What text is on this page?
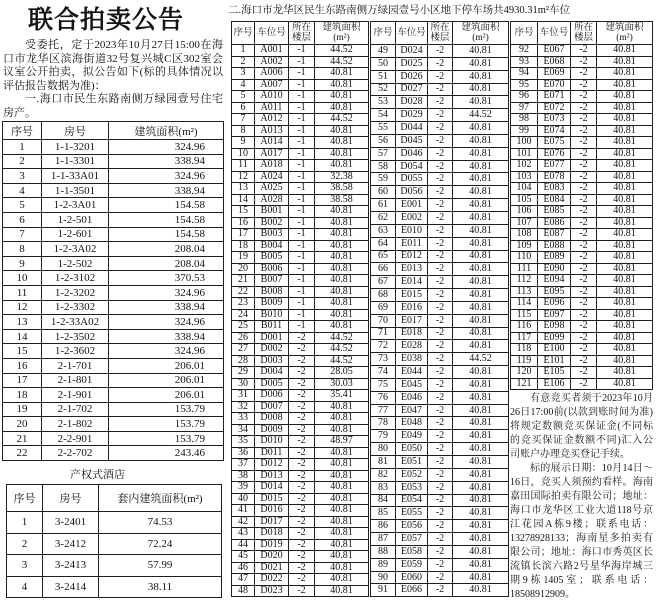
联合拍卖公告

受委托，定于2023年10月27日15:00在海口市龙华区滨海街道32号复兴城C区302室会议室公开拍卖，拟公告如下(标的具体情况以评估报告数据为准)：

一.海口市民生东路南侧万绿园壹号住宅房产。

序号	房号	建筑面积(m²)
1	1-1-3201	324.96
2	1-1-3301	338.94
3	1-1-33A01	324.96
4	1-1-3501	338.94
5	1-2-3A01	154.58
6	1-2-501	154.58
7	1-2-601	154.58
8	1-2-3A02	208.04
9	1-2-502	208.04
10	1-2-3102	370.53
11	1-2-3202	324.96
12	1-2-3302	338.94
13	1-2-33A02	324.96
14	1-2-3502	338.94
15	1-2-3602	324.96
16	2-1-701	206.01
17	2-1-801	206.01
18	2-1-901	206.01
19	2-1-702	153.79
20	2-1-802	153.79
21	2-2-901	153.79
22	2-2-702	243.46
产权式酒店
序号	房号	套内建筑面积(m²)
1	3-2401	74.53
2	3-2412	72.24
3	3-2413	57.99
4	3-2414	38.11
二.海口市龙华区民生东路南侧万绿园壹号小区地下停车场共4930.31m²车位
序号	车位号	所在楼层	建筑面积(m²)
1	A001	-1	44.52
2	A002	-1	44.52
3	A006	-1	40.81
4	A007	-1	40.81
5	A010	-1	40.81
6	A011	-1	40.81
7	A012	-1	44.52
8	A013	-1	40.81
9	A014	-1	40.81
10	A017	-1	40.81
11	A018	-1	40.81
12	A024	-1	32.38
13	A025	-1	38.58
14	A028	-1	38.58
15	B001	-1	40.81
16	B002	-1	40.81
17	B003	-1	40.81
18	B004	-1	40.81
19	B005	-1	40.81
20	B006	-1	40.81
21	B007	-1	40.81
22	B008	-1	40.81
23	B009	-1	40.81
24	B010	-1	40.81
25	B011	-1	40.81
26	D001	-2	44.52
27	D002	-2	44.52
28	D003	-2	44.52
29	D004	-2	28.05
30	D005	-2	30.03
31	D006	-2	35.41
32	D007	-2	40.81
33	D008	-2	40.81
34	D009	-2	40.81
35	D010	-2	48.97
36	D011	-2	40.81
37	D012	-2	40.81
38	D013	-2	40.81
39	D014	-2	40.81
40	D015	-2	40.81
41	D016	-2	40.81
42	D017	-2	40.81
43	D018	-2	40.81
44	D019	-2	40.81
45	D020	-2	40.81
46	D021	-2	40.81
47	D022	-2	40.81
48	D023	-2	40.81
序号	车位号	所在楼层	建筑面积(m²)
49	D024	-2	40.81
50	D025	-2	40.81
51	D026	-2	40.81
52	D027	-2	40.81
53	D028	-2	40.81
54	D029	-2	44.52
55	D044	-2	40.81
56	D045	-2	40.81
57	D046	-2	40.81
58	D054	-2	40.81
59	D055	-2	40.81
60	D056	-2	40.81
61	E001	-2	40.81
62	E002	-2	40.81
63	E010	-2	40.81
64	E011	-2	40.81
65	E012	-2	40.81
66	E013	-2	40.81
67	E014	-2	40.81
68	E015	-2	40.81
69	E016	-2	40.81
70	E017	-2	40.81
71	E018	-2	40.81
72	E028	-2	40.81
73	E038	-2	44.52
74	E044	-2	40.81
75	E045	-2	40.81
76	E046	-2	40.81
77	E047	-2	40.81
78	E048	-2	40.81
79	E049	-2	40.81
80	E050	-2	40.81
81	E051	-2	40.81
82	E052	-2	40.81
83	E053	-2	40.81
84	E054	-2	40.81
85	E055	-2	40.81
86	E056	-2	40.81
87	E057	-2	40.81
88	E058	-2	40.81
89	E059	-2	40.81
90	E060	-2	40.81
91	E066	-2	40.81
序号	车位号	所在楼层	建筑面积(m²)
92	E067	-2	40.81
93	E068	-2	40.81
94	E069	-2	40.81
95	E070	-2	40.81
96	E071	-2	40.81
97	E072	-2	40.81
98	E073	-2	40.81
99	E074	-2	40.81
100	E075	-2	40.81
101	E076	-2	40.81
102	E077	-2	40.81
103	E078	-2	40.81
104	E083	-2	40.81
105	E084	-2	40.81
106	E085	-2	40.81
107	E086	-2	40.81
108	E087	-2	40.81
109	E088	-2	40.81
110	E089	-2	40.81
111	E090	-2	40.81
112	E094	-2	40.81
113	E095	-2	40.81
114	E096	-2	40.81
115	E097	-2	40.81
116	E098	-2	40.81
117	E099	-2	40.81
118	E100	-2	40.81
119	E101	-2	40.81
120	E105	-2	40.81
121	E106	-2	40.81

有意竞买者须于2023年10月26日17:00前(以款到账时间为准)将规定数额竞买保证金(不同标的竞买保证金数额不同)汇入公司账户办理竞买登记手续。

标的展示日期：10月14日～16日，竞买人须预约看样。海南嘉田国际拍卖有限公司；地址：海口市龙华区工业大道118号京江花园A栋9楼；联系电话：13278928133；海南星多拍卖有限公司；地址：海口市秀英区长流镇长滨六路2号星华海岸城三期9栋1405室；联系电话：18508912909。
